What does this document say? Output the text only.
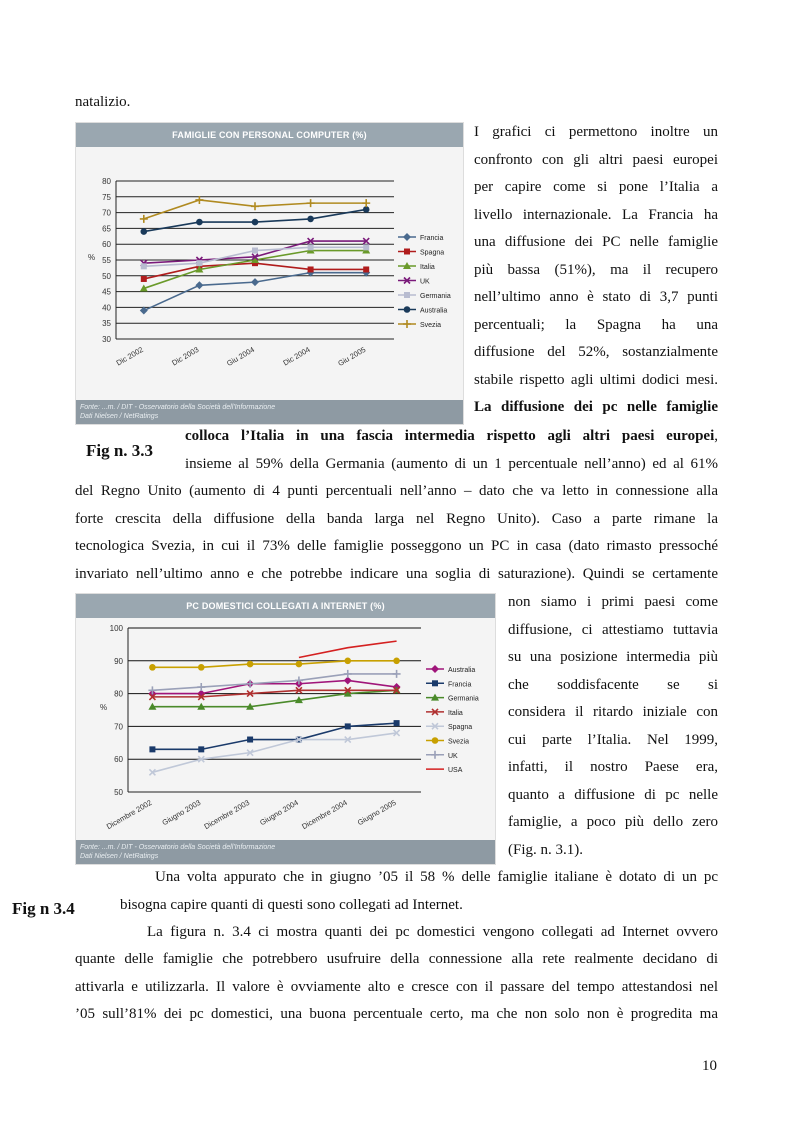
natalizio.
FAMIGLIE CON PERSONAL COMPUTER (%)
30
35
40
45
50
55
60
65
70
75
80
%
Dic 2002	Dic 2003	Giu 2004	Dic 2004	Giu 2005
Francia
Spagna
Italia
UK
Germania
Australia
Svezia
Fonte: ...m. / DIT - Osservatorio della Società dell'Informazione
Dati Nielsen / NetRatings
I grafici ci permettono inoltre un
confronto con gli altri paesi europei
per capire come si pone l’Italia a
livello internazionale. La Francia ha
una diffusione dei PC nelle famiglie
più bassa (51%), ma il recupero
nell’ultimo anno è stato di 3,7 punti
percentuali; la Spagna ha una
diffusione del 52%, sostanzialmente
stabile rispetto agli ultimi dodici mesi.
La diffusione dei pc nelle famiglie
Fig n. 3.3
colloca l’Italia in una fascia intermedia rispetto agli altri paesi europei,
insieme al 59% della Germania (aumento di un 1 percentuale nell’anno) ed al 61%
del Regno Unito (aumento di 4 punti percentuali nell’anno – dato che va letto in connessione alla
forte crescita della diffusione della banda larga nel Regno Unito). Caso a parte rimane la
tecnologica Svezia, in cui il 73% delle famiglie posseggono un PC in casa (dato rimasto pressoché
invariato nell’ultimo anno e che potrebbe indicare una soglia di saturazione). Quindi se certamente
PC DOMESTICI COLLEGATI A INTERNET (%)
50
60
70
80
90
100
%
Dicembre 2002 Giugno 2003 Dicembre 2003 Giugno 2004 Dicembre 2004 Giugno 2005
Australia
Francia
Germania
Italia
Spagna
Svezia
UK
USA
Fonte: ...m. / DIT - Osservatorio della Società dell'Informazione
Dati Nielsen / NetRatings
non siamo i primi paesi come
diffusione, ci attestiamo tuttavia
su una posizione intermedia più
che soddisfacente se si
considera il ritardo iniziale con
cui parte l’Italia. Nel 1999,
infatti, il nostro Paese era,
quanto a diffusione di pc nelle
famiglie, a poco più dello zero
(Fig. n. 3.1).
Una volta appurato che in giugno ’05 il 58 % delle famiglie italiane è dotato di un pc
Fig n 3.4	bisogna capire quanti di questi sono collegati ad Internet.
La figura n. 3.4 ci mostra quanti dei pc domestici vengono collegati ad Internet ovvero
quante delle famiglie che potrebbero usufruire della connessione alla rete realmente decidano di
attivarla e utilizzarla. Il valore è ovviamente alto e cresce con il passare del tempo attestandosi nel
’05 sull’81% dei pc domestici, una buona percentuale certo, ma che non solo non è progredita ma
10
